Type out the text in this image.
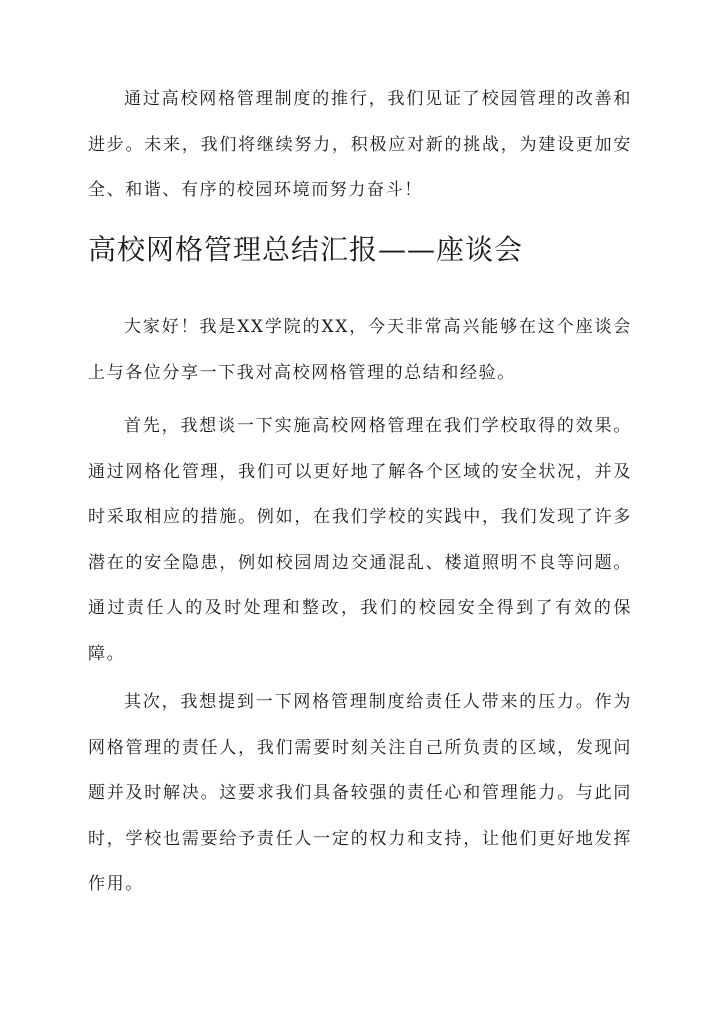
通过高校网格管理制度的推行，我们见证了校园管理的改善和进步。未来，我们将继续努力，积极应对新的挑战，为建设更加安全、和谐、有序的校园环境而努力奋斗！

高校网格管理总结汇报——座谈会

大家好！我是XX学院的XX，今天非常高兴能够在这个座谈会上与各位分享一下我对高校网格管理的总结和经验。

首先，我想谈一下实施高校网格管理在我们学校取得的效果。通过网格化管理，我们可以更好地了解各个区域的安全状况，并及时采取相应的措施。例如，在我们学校的实践中，我们发现了许多潜在的安全隐患，例如校园周边交通混乱、楼道照明不良等问题。通过责任人的及时处理和整改，我们的校园安全得到了有效的保障。

其次，我想提到一下网格管理制度给责任人带来的压力。作为网格管理的责任人，我们需要时刻关注自己所负责的区域，发现问题并及时解决。这要求我们具备较强的责任心和管理能力。与此同时，学校也需要给予责任人一定的权力和支持，让他们更好地发挥作用。
